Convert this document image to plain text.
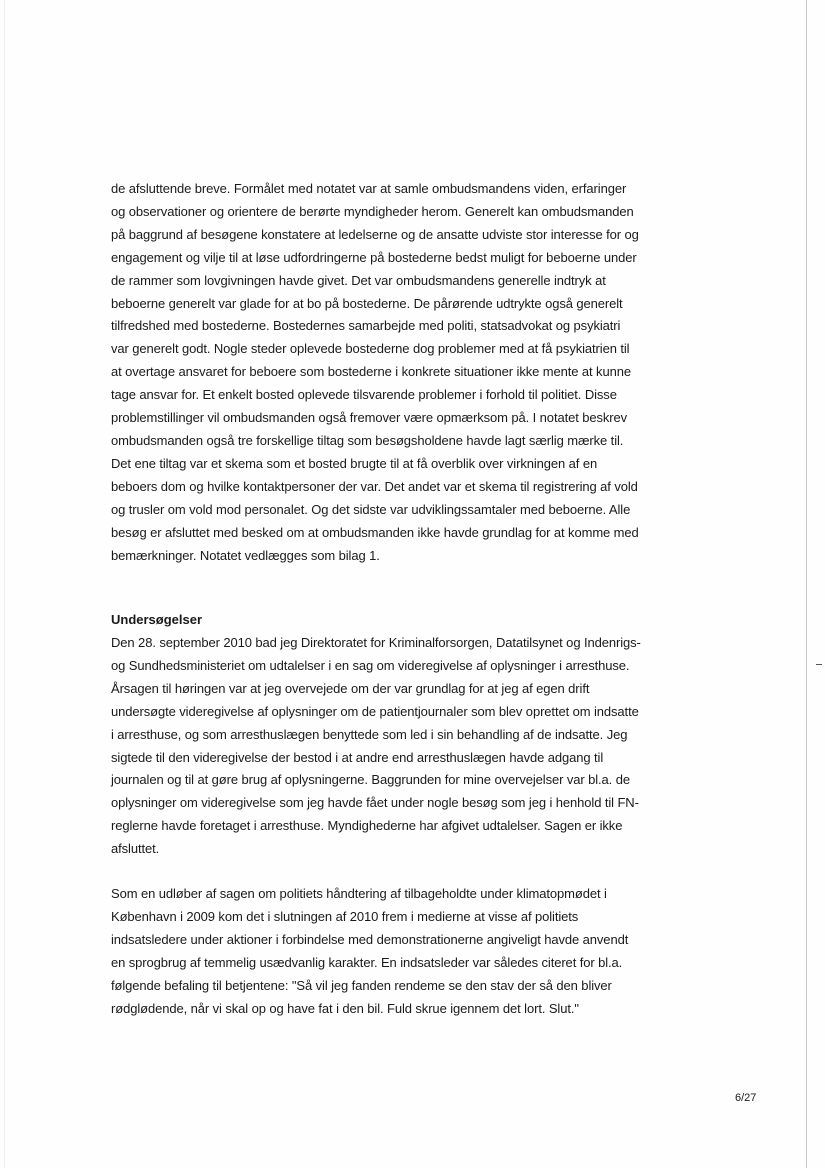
de afsluttende breve. Formålet med notatet var at samle ombudsmandens viden, erfaringer og observationer og orientere de berørte myndigheder herom. Generelt kan ombudsmanden på baggrund af besøgene konstatere at ledelserne og de ansatte udviste stor interesse for og engagement og vilje til at løse udfordringerne på bostederne bedst muligt for beboerne under de rammer som lovgivningen havde givet. Det var ombudsmandens generelle indtryk at beboerne generelt var glade for at bo på bostederne. De pårørende udtrykte også generelt tilfredshed med bostederne. Bostedernes samarbejde med politi, statsadvokat og psykiatri var generelt godt. Nogle steder oplevede bostederne dog problemer med at få psykiatrien til at overtage ansvaret for beboere som bostederne i konkrete situationer ikke mente at kunne tage ansvar for. Et enkelt bosted oplevede tilsvarende problemer i forhold til politiet. Disse problemstillinger vil ombudsmanden også fremover være opmærksom på. I notatet beskrev ombudsmanden også tre forskellige tiltag som besøgsholdene havde lagt særlig mærke til. Det ene tiltag var et skema som et bosted brugte til at få overblik over virkningen af en beboers dom og hvilke kontaktpersoner der var. Det andet var et skema til registrering af vold og trusler om vold mod personalet. Og det sidste var udviklingssamtaler med beboerne. Alle besøg er afsluttet med besked om at ombudsmanden ikke havde grundlag for at komme med bemærkninger. Notatet vedlægges som bilag 1.

Undersøgelser

Den 28. september 2010 bad jeg Direktoratet for Kriminalforsorgen, Datatilsynet og Indenrigs- og Sundhedsministeriet om udtalelser i en sag om videregivelse af oplysninger i arresthuse. Årsagen til høringen var at jeg overvejede om der var grundlag for at jeg af egen drift undersøgte videregivelse af oplysninger om de patientjournaler som blev oprettet om indsatte i arresthuse, og som arresthuslægen benyttede som led i sin behandling af de indsatte. Jeg sigtede til den videregivelse der bestod i at andre end arresthuslægen havde adgang til journalen og til at gøre brug af oplysningerne. Baggrunden for mine overvejelser var bl.a. de oplysninger om videregivelse som jeg havde fået under nogle besøg som jeg i henhold til FN-reglerne havde foretaget i arresthuse. Myndighederne har afgivet udtalelser. Sagen er ikke afsluttet.

Som en udløber af sagen om politiets håndtering af tilbageholdte under klimatopmødet i København i 2009 kom det i slutningen af 2010 frem i medierne at visse af politiets indsatsledere under aktioner i forbindelse med demonstrationerne angiveligt havde anvendt en sprogbrug af temmelig usædvanlig karakter. En indsatsleder var således citeret for bl.a. følgende befaling til betjentene: "Så vil jeg fanden rendeme se den stav der så den bliver rødglødende, når vi skal op og have fat i den bil. Fuld skrue igennem det lort. Slut."

6/27
